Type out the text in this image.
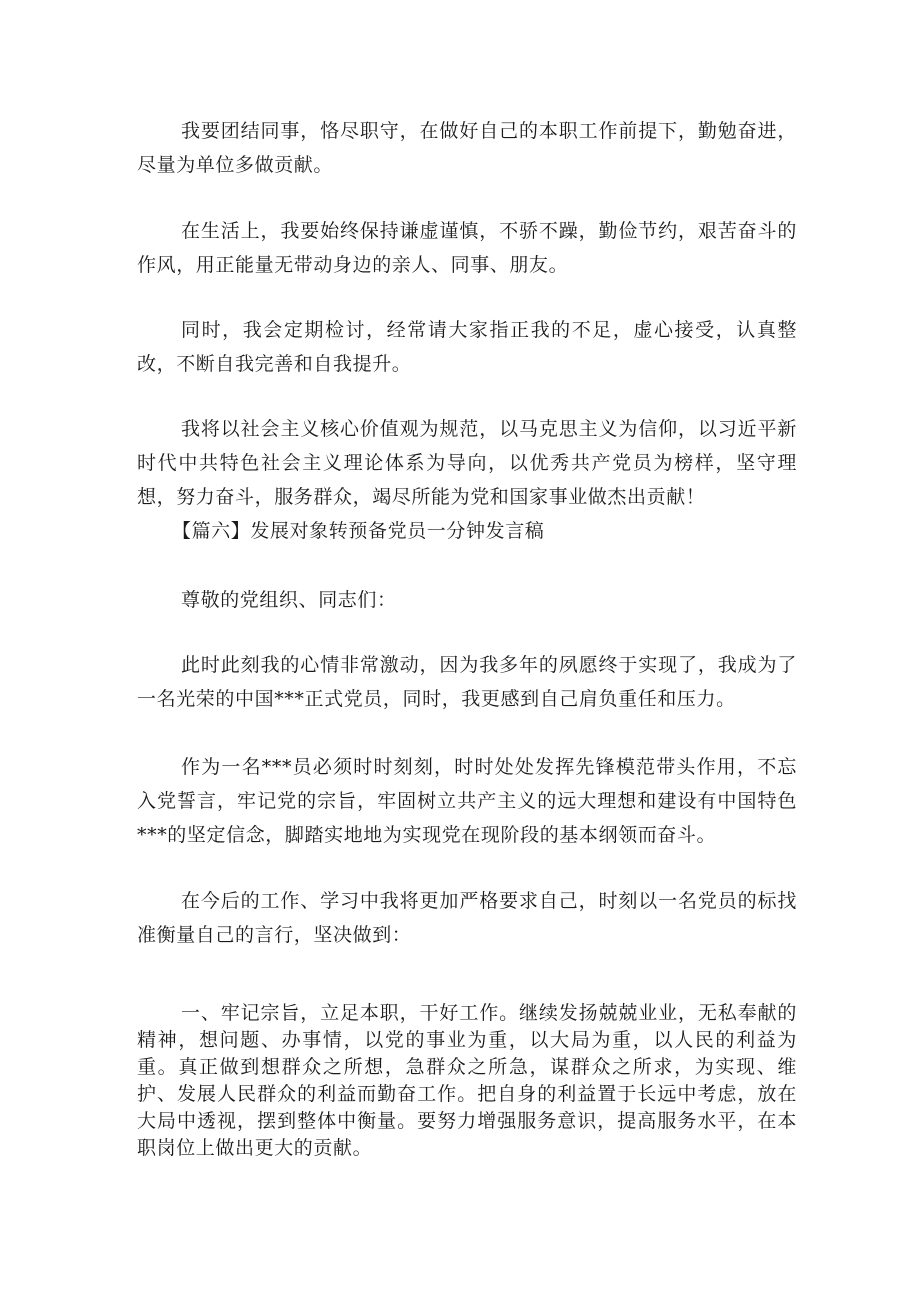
我要团结同事，恪尽职守，在做好自己的本职工作前提下，勤勉奋进，尽量为单位多做贡献。

在生活上，我要始终保持谦虚谨慎，不骄不躁，勤俭节约，艰苦奋斗的作风，用正能量无带动身边的亲人、同事、朋友。

同时，我会定期检讨，经常请大家指正我的不足，虚心接受，认真整改，不断自我完善和自我提升。

我将以社会主义核心价值观为规范，以马克思主义为信仰，以习近平新时代中共特色社会主义理论体系为导向，以优秀共产党员为榜样，坚守理想，努力奋斗，服务群众，竭尽所能为党和国家事业做杰出贡献！

【篇六】发展对象转预备党员一分钟发言稿

尊敬的党组织、同志们：

此时此刻我的心情非常激动，因为我多年的夙愿终于实现了，我成为了一名光荣的中国***正式党员，同时，我更感到自己肩负重任和压力。

作为一名***员必须时时刻刻，时时处处发挥先锋模范带头作用，不忘入党誓言，牢记党的宗旨，牢固树立共产主义的远大理想和建设有中国特色***的坚定信念，脚踏实地地为实现党在现阶段的基本纲领而奋斗。

在今后的工作、学习中我将更加严格要求自己，时刻以一名党员的标找准衡量自己的言行，坚决做到：

一、牢记宗旨，立足本职，干好工作。继续发扬兢兢业业，无私奉献的精神，想问题、办事情，以党的事业为重，以大局为重，以人民的利益为重。真正做到想群众之所想，急群众之所急，谋群众之所求，为实现、维护、发展人民群众的利益而勤奋工作。把自身的利益置于长远中考虑，放在大局中透视，摆到整体中衡量。要努力增强服务意识，提高服务水平，在本职岗位上做出更大的贡献。
